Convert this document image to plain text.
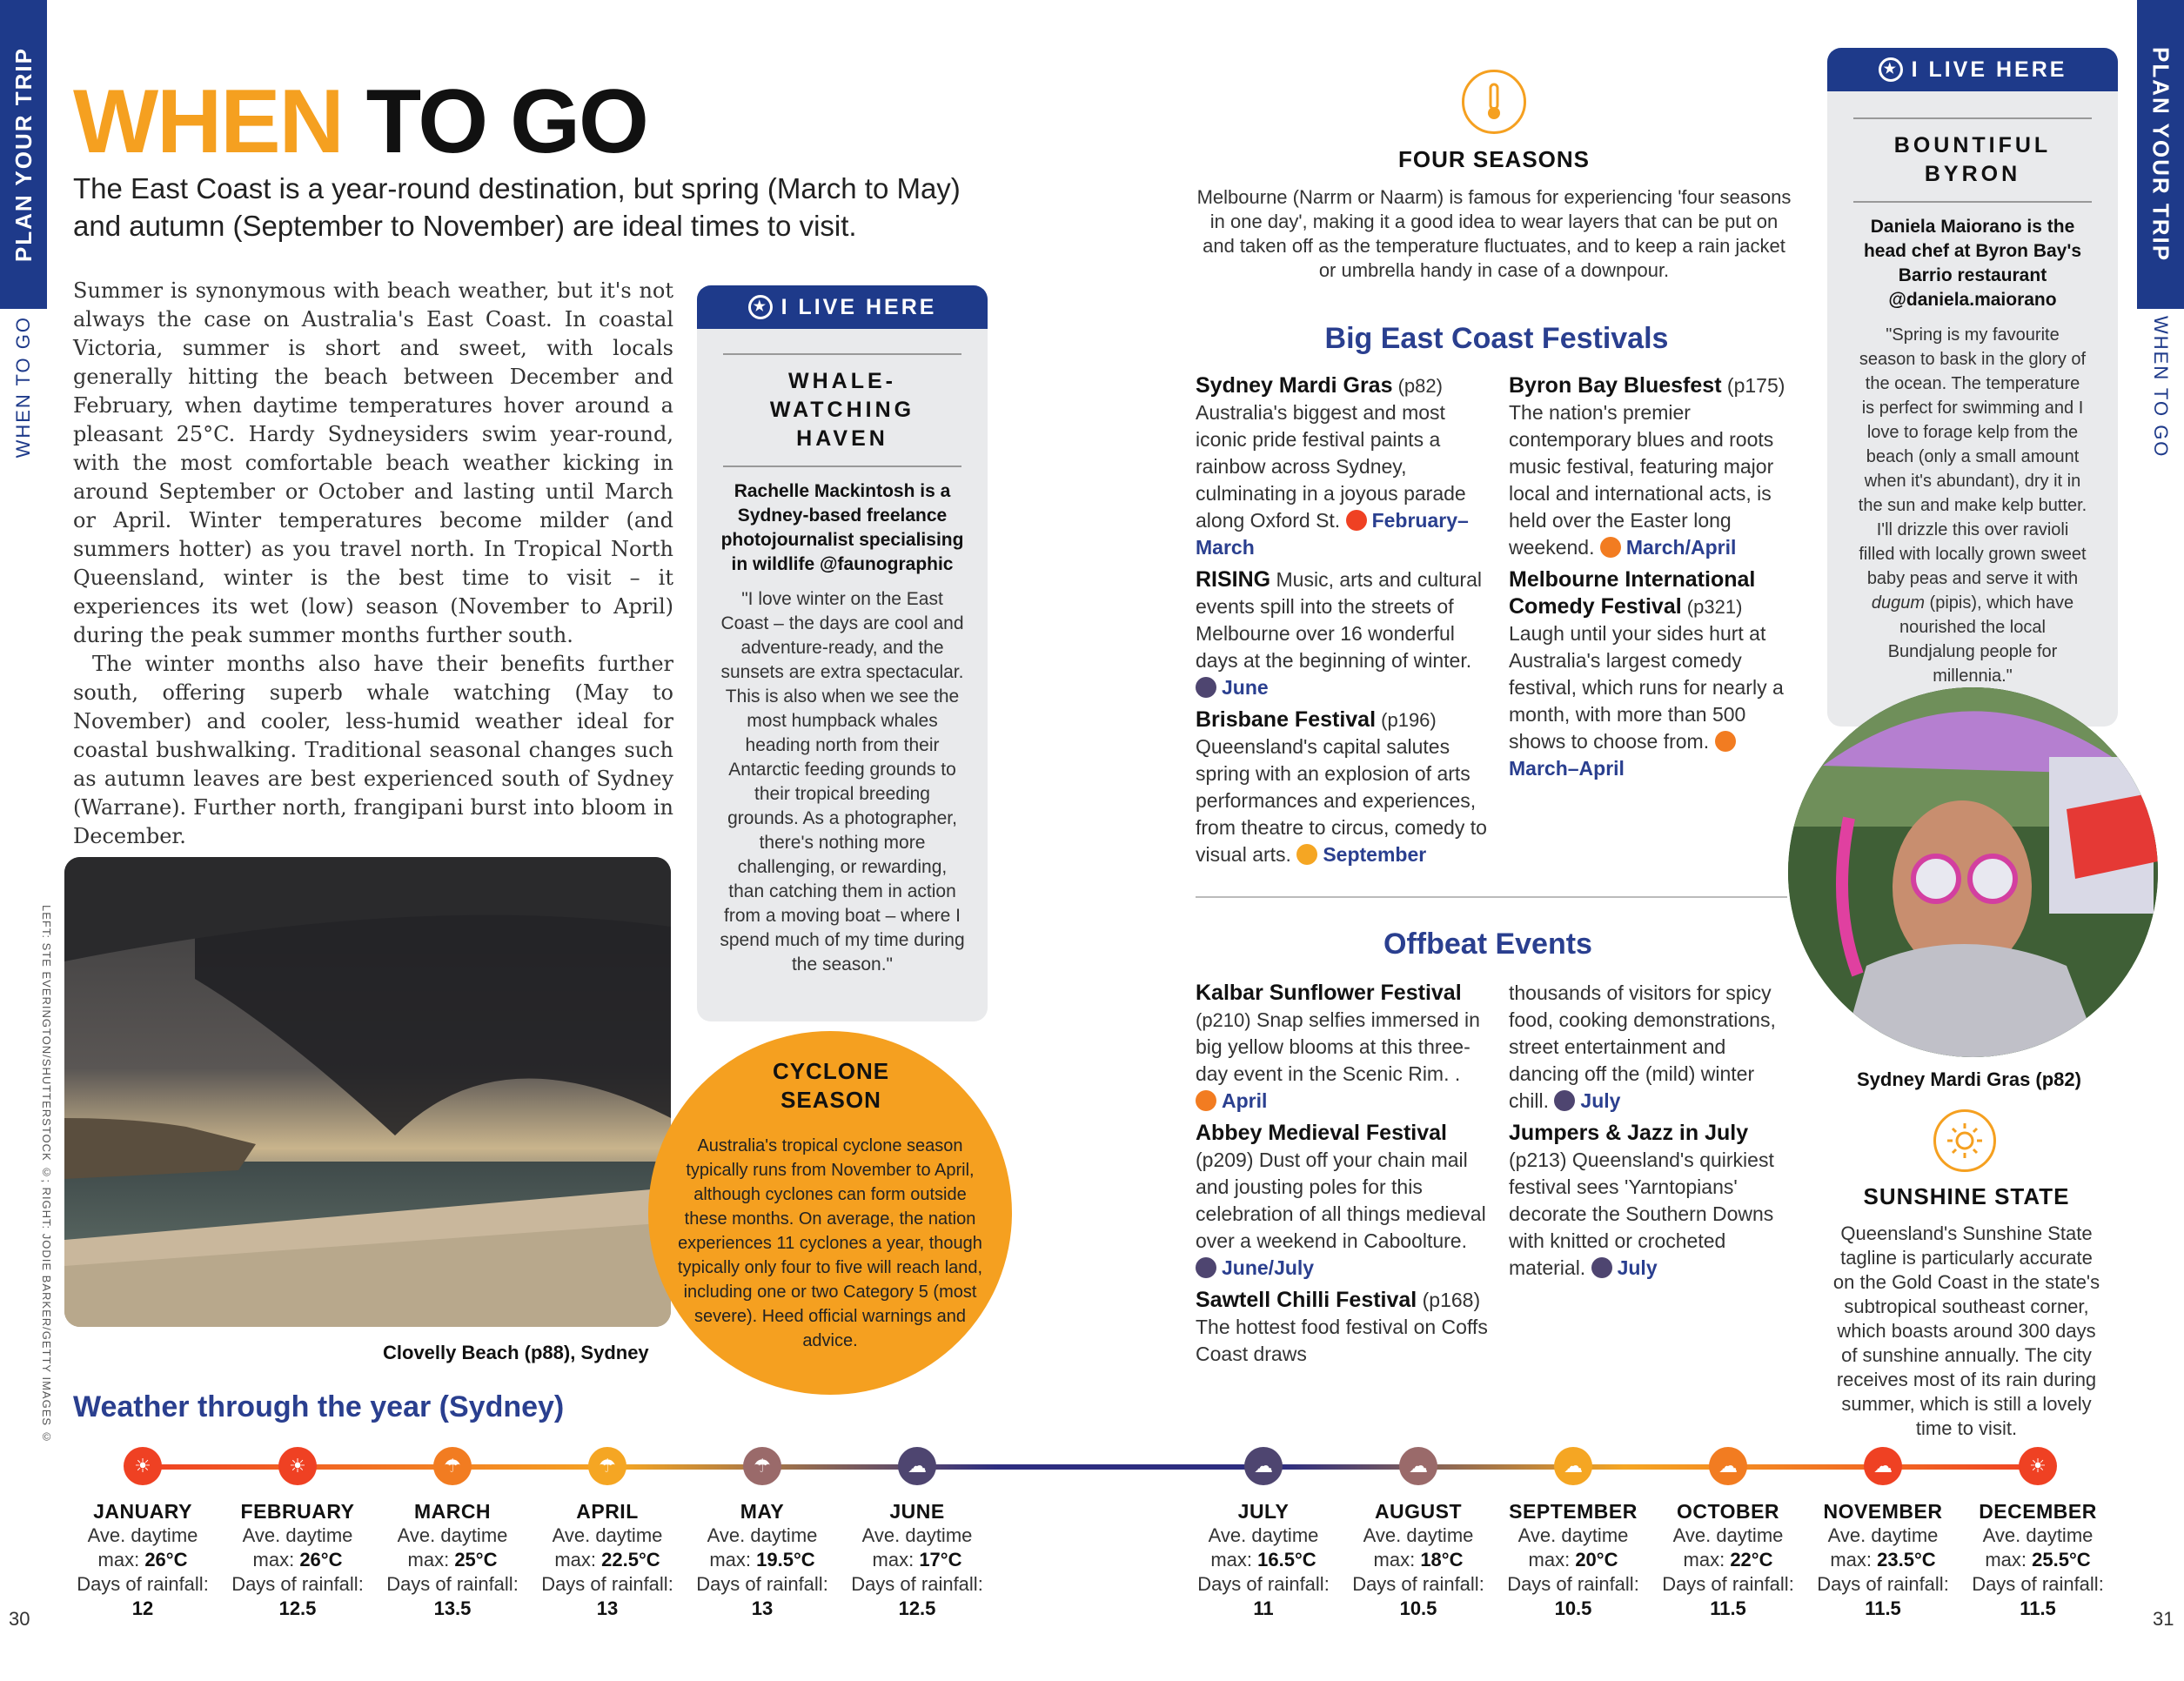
PLAN YOUR TRIP
WHEN TO GO
PLAN YOUR TRIP
WHEN TO GO
WHEN TO GO
The East Coast is a year-round destination, but spring (March to May) and autumn (September to November) are ideal times to visit.

Summer is synonymous with beach weather, but it's not always the case on Australia's East Coast. In coastal Victoria, summer is short and sweet, with locals generally hitting the beach between December and February, when daytime temperatures hover around a pleasant 25°C. Hardy Sydneysiders swim year-round, with the most comfortable beach weather kicking in around September or October and lasting until March or April. Winter temperatures become milder (and summers hotter) as you travel north. In Tropical North Queensland, winter is the best time to visit – it experiences its wet (low) season (November to April) during the peak summer months further south.

The winter months also have their benefits further south, offering superb whale watching (May to November) and cooler, less-humid weather ideal for coastal bushwalking. Traditional seasonal changes such as autumn leaves are best experienced south of Sydney (Warrane). Further north, frangipani burst into bloom in December.

★ I LIVE HERE
WHALE-WATCHING HAVEN
Rachelle Mackintosh is a Sydney-based freelance photojournalist specialising in wildlife @faunographic
"I love winter on the East Coast – the days are cool and adventure-ready, and the sunsets are extra spectacular. This is also when we see the most humpback whales heading north from their Antarctic feeding grounds to their tropical breeding grounds. As a photographer, there's nothing more challenging, or rewarding, than catching them in action from a moving boat – where I spend much of my time during the season."
LEFT: STE EVERINGTON/SHUTTERSTOCK ©; RIGHT: JODIE BARKER/GETTY IMAGES ©	Clovelly Beach (p88), Sydney
CYCLONE SEASON
Australia's tropical cyclone season typically runs from November to April, although cyclones can form outside these months. On average, the nation experiences 11 cyclones a year, though typically only four to five will reach land, including one or two Category 5 (most severe). Heed official warnings and advice.
FOUR SEASONS
Melbourne (Narrm or Naarm) is famous for experiencing 'four seasons in one day', making it a good idea to wear layers that can be put on and taken off as the temperature fluctuates, and to keep a rain jacket or umbrella handy in case of a downpour.
Big East Coast Festivals

Sydney Mardi Gras (p82) Australia's biggest and most iconic pride festival paints a rainbow across Sydney, culminating in a joyous parade along Oxford St. February–March

RISING Music, arts and cultural events spill into the streets of Melbourne over 16 wonderful days at the beginning of winter. June

Brisbane Festival (p196) Queensland's capital salutes spring with an explosion of arts performances and experiences, from theatre to circus, comedy to visual arts. September

Byron Bay Bluesfest (p175) The nation's premier contemporary blues and roots music festival, featuring major local and international acts, is held over the Easter long weekend. March/April

Melbourne International Comedy Festival (p321) Laugh until your sides hurt at Australia's largest comedy festival, which runs for nearly a month, with more than 500 shows to choose from. March–April

Offbeat Events

Kalbar Sunflower Festival (p210) Snap selfies immersed in big yellow blooms at this three-day event in the Scenic Rim. . April

Abbey Medieval Festival (p209) Dust off your chain mail and jousting poles for this celebration of all things medieval over a weekend in Caboolture. June/July

Sawtell Chilli Festival (p168) The hottest food festival on Coffs Coast draws

thousands of visitors for spicy food, cooking demonstrations, street entertainment and dancing off the (mild) winter chill. July

Jumpers & Jazz in July (p213) Queensland's quirkiest festival sees 'Yarntopians' decorate the Southern Downs with knitted or crocheted material. July

★ I LIVE HERE
BOUNTIFUL BYRON
Daniela Maiorano is the head chef at Byron Bay's Barrio restaurant @daniela.maiorano
"Spring is my favourite season to bask in the glory of the ocean. The temperature is perfect for swimming and I love to forage kelp from the beach (only a small amount when it's abundant), dry it in the sun and make kelp butter. I'll drizzle this over ravioli filled with locally grown sweet baby peas and serve it with dugum (pipis), which have nourished the local Bundjalung people for millennia."
Sydney Mardi Gras (p82)
SUNSHINE STATE
Queensland's Sunshine State tagline is particularly accurate on the Gold Coast in the state's subtropical southeast corner, which boasts around 300 days of sunshine annually. The city receives most of its rain during summer, which is still a lovely time to visit.
Weather through the year (Sydney)
☀
JANUARY
Ave. daytime
max: 26°C
Days of rainfall:
12
☀
FEBRUARY
Ave. daytime
max: 26°C
Days of rainfall:
12.5
☂
MARCH
Ave. daytime
max: 25°C
Days of rainfall:
13.5
☂
APRIL
Ave. daytime
max: 22.5°C
Days of rainfall:
13
☂
MAY
Ave. daytime
max: 19.5°C
Days of rainfall:
13
☁
JUNE
Ave. daytime
max: 17°C
Days of rainfall:
12.5
☁
JULY
Ave. daytime
max: 16.5°C
Days of rainfall:
11
☁
AUGUST
Ave. daytime
max: 18°C
Days of rainfall:
10.5
☁
SEPTEMBER
Ave. daytime
max: 20°C
Days of rainfall:
10.5
☁
OCTOBER
Ave. daytime
max: 22°C
Days of rainfall:
11.5
☁
NOVEMBER
Ave. daytime
max: 23.5°C
Days of rainfall:
11.5
☀
DECEMBER
Ave. daytime
max: 25.5°C
Days of rainfall:
11.5
30	31
